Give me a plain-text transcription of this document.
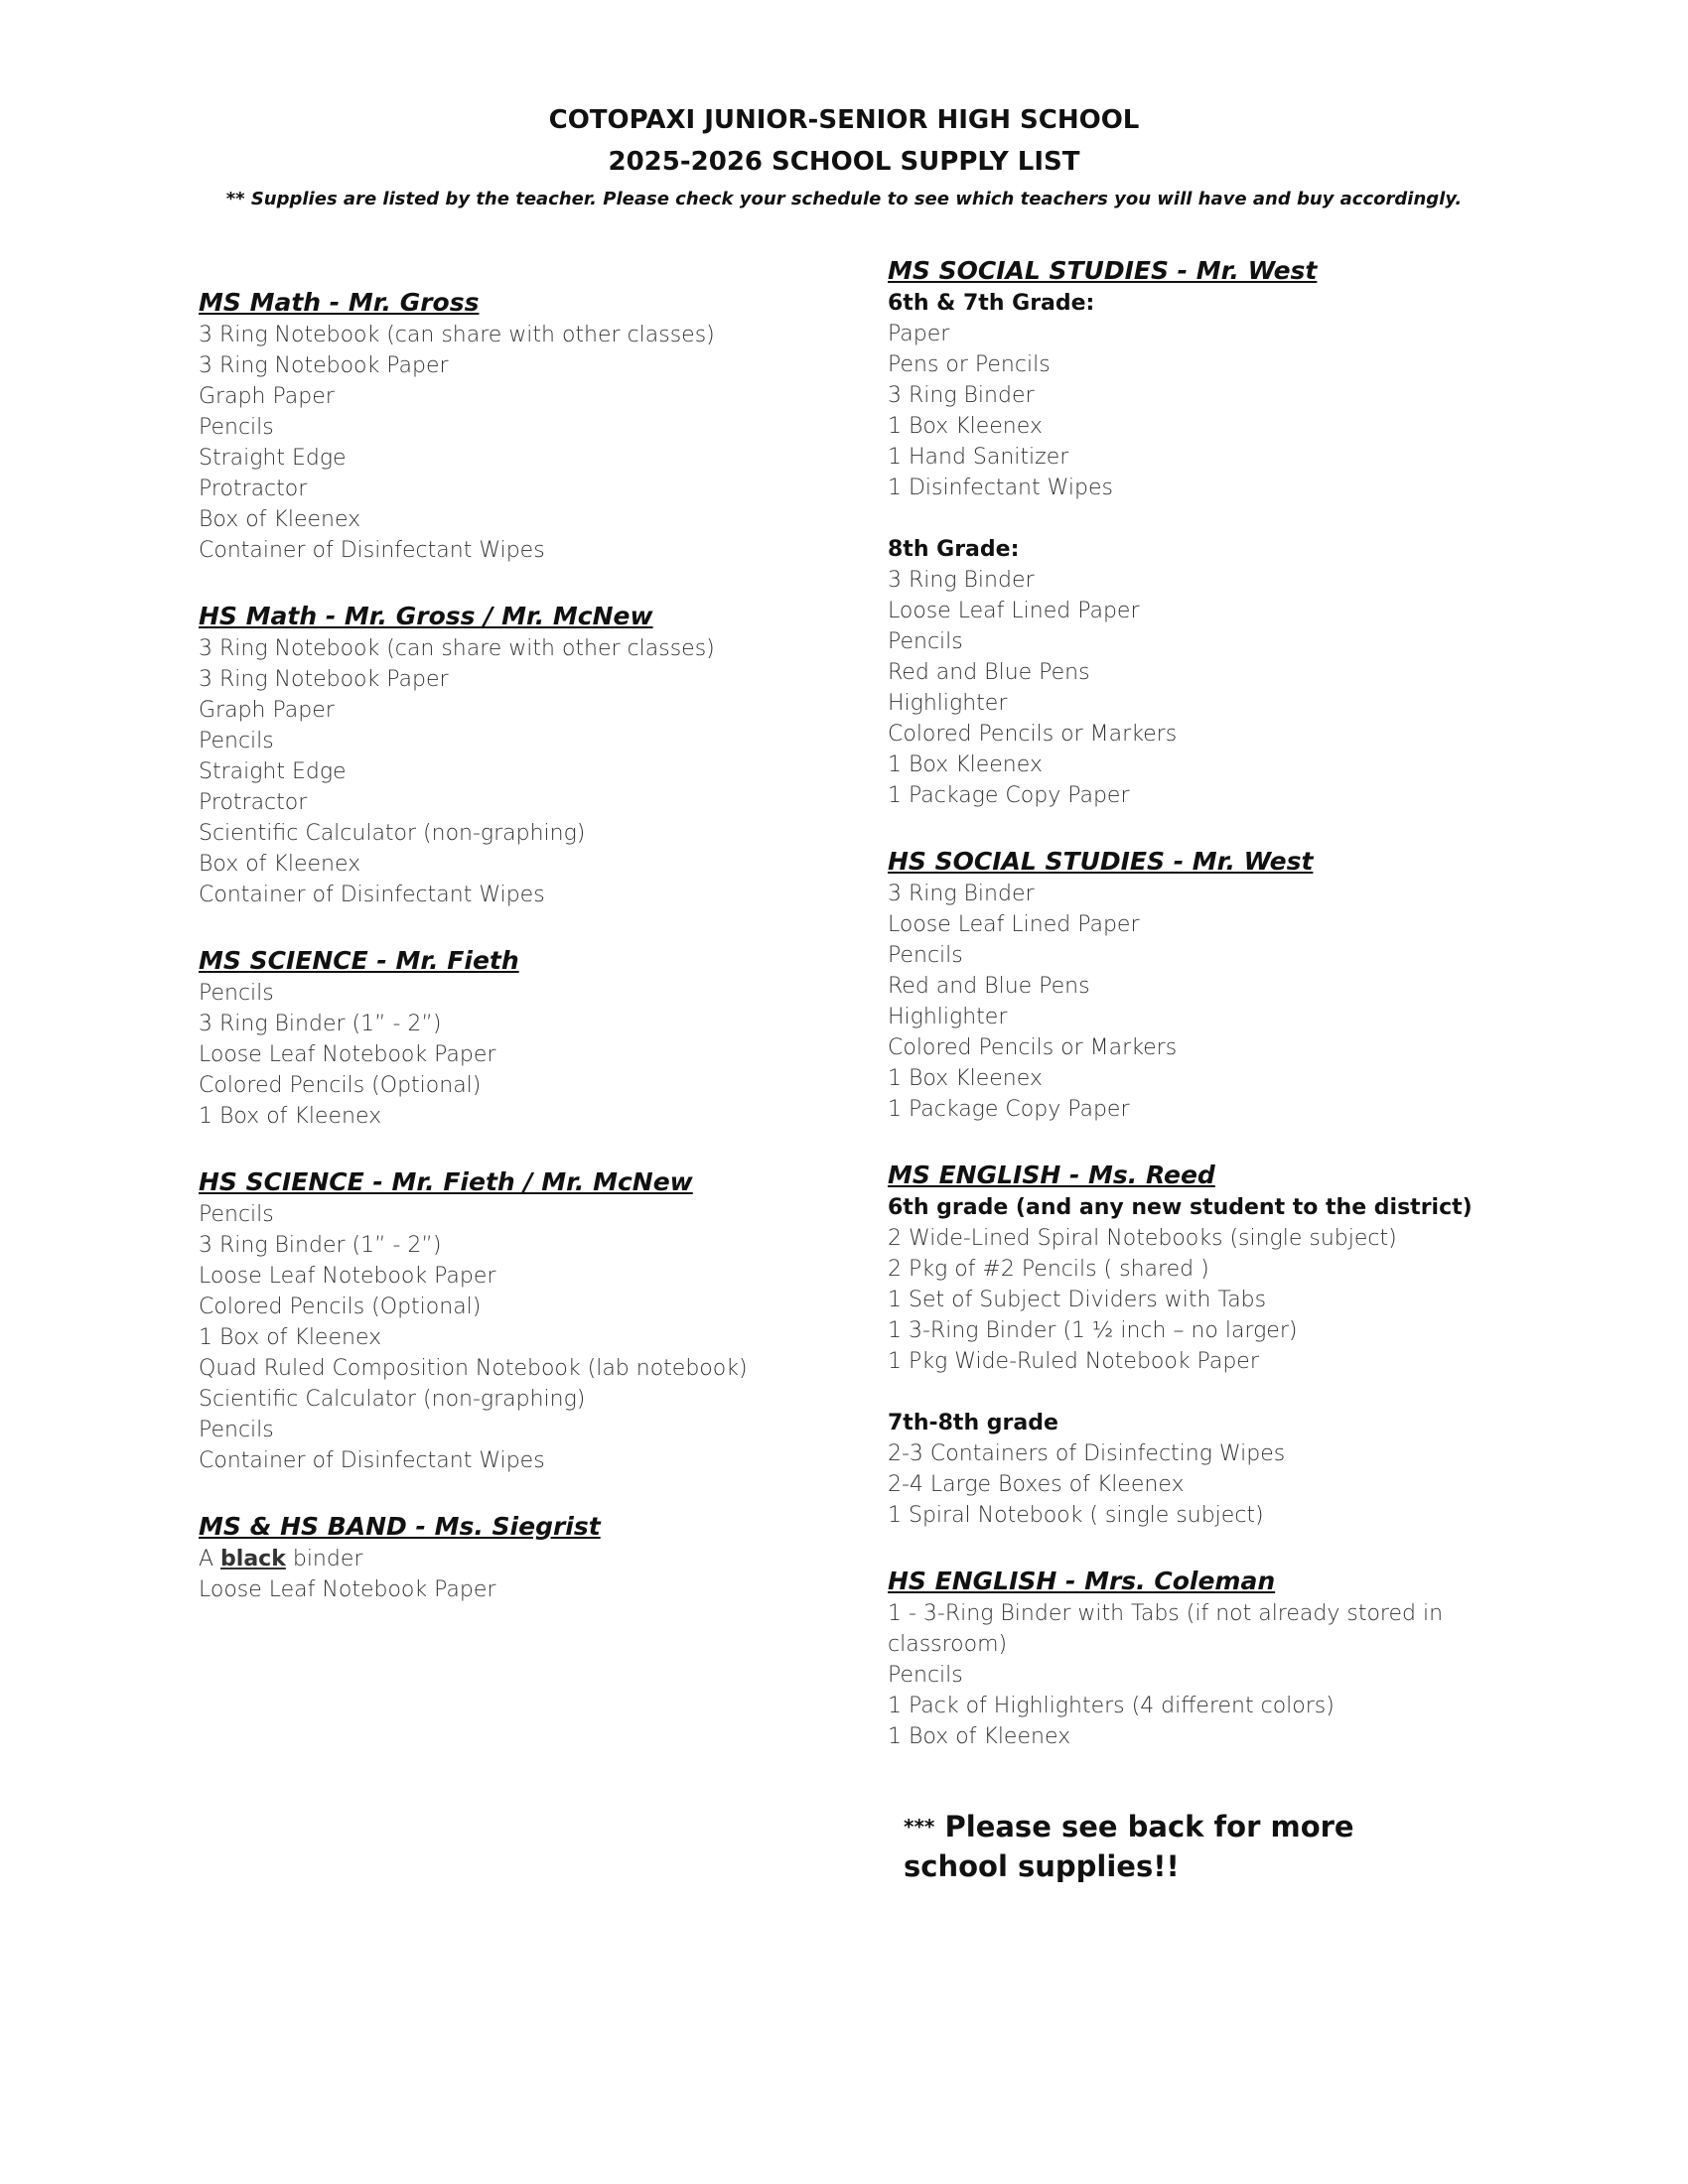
COTOPAXI JUNIOR-SENIOR HIGH SCHOOL
2025-2026 SCHOOL SUPPLY LIST
** Supplies are listed by the teacher. Please check your schedule to see which teachers you will have and buy accordingly.
MS Math - Mr. Gross
3 Ring Notebook (can share with other classes)
3 Ring Notebook Paper
Graph Paper
Pencils
Straight Edge
Protractor
Box of Kleenex
Container of Disinfectant Wipes
HS Math - Mr. Gross / Mr. McNew
3 Ring Notebook (can share with other classes)
3 Ring Notebook Paper
Graph Paper
Pencils
Straight Edge
Protractor
Scientific Calculator (non-graphing)
Box of Kleenex
Container of Disinfectant Wipes
MS SCIENCE - Mr. Fieth
Pencils
3 Ring Binder (1” - 2”)
Loose Leaf Notebook Paper
Colored Pencils (Optional)
1 Box of Kleenex
HS SCIENCE - Mr. Fieth / Mr. McNew
Pencils
3 Ring Binder (1” - 2”)
Loose Leaf Notebook Paper
Colored Pencils (Optional)
1 Box of Kleenex
Quad Ruled Composition Notebook (lab notebook)
Scientific Calculator (non-graphing)
Pencils
Container of Disinfectant Wipes
MS & HS BAND - Ms. Siegrist
A black binder
Loose Leaf Notebook Paper
MS SOCIAL STUDIES - Mr. West
6th & 7th Grade:
Paper
Pens or Pencils
3 Ring Binder
1 Box Kleenex
1 Hand Sanitizer
1 Disinfectant Wipes
8th Grade:
3 Ring Binder
Loose Leaf Lined Paper
Pencils
Red and Blue Pens
Highlighter
Colored Pencils or Markers
1 Box Kleenex
1 Package Copy Paper
HS SOCIAL STUDIES - Mr. West
3 Ring Binder
Loose Leaf Lined Paper
Pencils
Red and Blue Pens
Highlighter
Colored Pencils or Markers
1 Box Kleenex
1 Package Copy Paper
MS ENGLISH - Ms. Reed
6th grade (and any new student to the district)
2 Wide-Lined Spiral Notebooks (single subject)
2 Pkg of #2 Pencils ( shared )
1 Set of Subject Dividers with Tabs
1 3-Ring Binder (1 ½ inch – no larger)
1 Pkg Wide-Ruled Notebook Paper
7th-8th grade
2-3 Containers of Disinfecting Wipes
2-4 Large Boxes of Kleenex
1 Spiral Notebook ( single subject)
HS ENGLISH - Mrs. Coleman
1 - 3-Ring Binder with Tabs (if not already stored in classroom)
Pencils
1 Pack of Highlighters (4 different colors)
1 Box of Kleenex
*** Please see back for more school supplies!!
